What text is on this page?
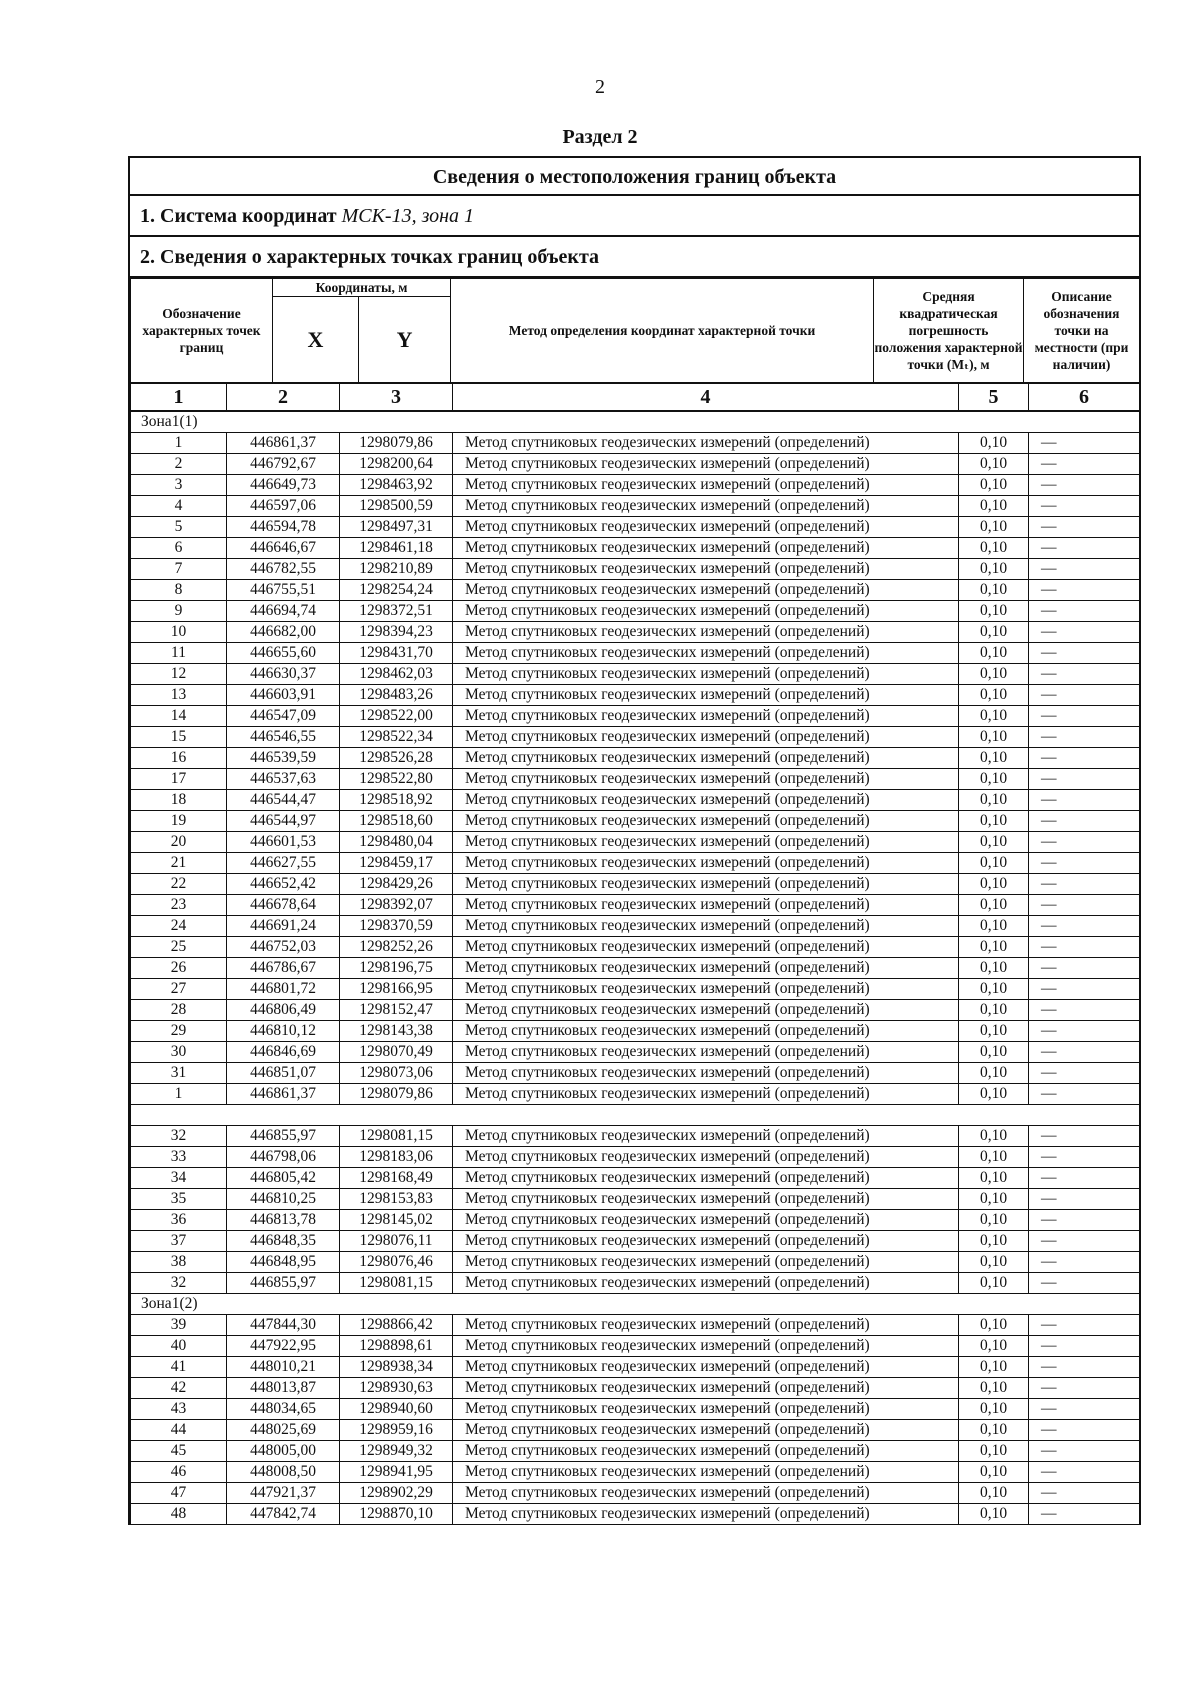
2
Раздел 2
Сведения о местоположения границ объекта
1. Система координат МСК-13, зона 1
2. Сведения о характерных точках границ объекта
Обозначение характерных точек границ	Координаты, м		Метод определения координат характерной точки	Средняя квадратическая погрешность положения характерной точки (Mₜ), м	Описание обозначения точки на местности (при наличии)
	X	Y			
1	2	3	4	5	6
Зона1(1)					
1	446861,37	1298079,86	Метод спутниковых геодезических измерений (определений)	0,10	—
2	446792,67	1298200,64	Метод спутниковых геодезических измерений (определений)	0,10	—
3	446649,73	1298463,92	Метод спутниковых геодезических измерений (определений)	0,10	—
4	446597,06	1298500,59	Метод спутниковых геодезических измерений (определений)	0,10	—
5	446594,78	1298497,31	Метод спутниковых геодезических измерений (определений)	0,10	—
6	446646,67	1298461,18	Метод спутниковых геодезических измерений (определений)	0,10	—
7	446782,55	1298210,89	Метод спутниковых геодезических измерений (определений)	0,10	—
8	446755,51	1298254,24	Метод спутниковых геодезических измерений (определений)	0,10	—
9	446694,74	1298372,51	Метод спутниковых геодезических измерений (определений)	0,10	—
10	446682,00	1298394,23	Метод спутниковых геодезических измерений (определений)	0,10	—
11	446655,60	1298431,70	Метод спутниковых геодезических измерений (определений)	0,10	—
12	446630,37	1298462,03	Метод спутниковых геодезических измерений (определений)	0,10	—
13	446603,91	1298483,26	Метод спутниковых геодезических измерений (определений)	0,10	—
14	446547,09	1298522,00	Метод спутниковых геодезических измерений (определений)	0,10	—
15	446546,55	1298522,34	Метод спутниковых геодезических измерений (определений)	0,10	—
16	446539,59	1298526,28	Метод спутниковых геодезических измерений (определений)	0,10	—
17	446537,63	1298522,80	Метод спутниковых геодезических измерений (определений)	0,10	—
18	446544,47	1298518,92	Метод спутниковых геодезических измерений (определений)	0,10	—
19	446544,97	1298518,60	Метод спутниковых геодезических измерений (определений)	0,10	—
20	446601,53	1298480,04	Метод спутниковых геодезических измерений (определений)	0,10	—
21	446627,55	1298459,17	Метод спутниковых геодезических измерений (определений)	0,10	—
22	446652,42	1298429,26	Метод спутниковых геодезических измерений (определений)	0,10	—
23	446678,64	1298392,07	Метод спутниковых геодезических измерений (определений)	0,10	—
24	446691,24	1298370,59	Метод спутниковых геодезических измерений (определений)	0,10	—
25	446752,03	1298252,26	Метод спутниковых геодезических измерений (определений)	0,10	—
26	446786,67	1298196,75	Метод спутниковых геодезических измерений (определений)	0,10	—
27	446801,72	1298166,95	Метод спутниковых геодезических измерений (определений)	0,10	—
28	446806,49	1298152,47	Метод спутниковых геодезических измерений (определений)	0,10	—
29	446810,12	1298143,38	Метод спутниковых геодезических измерений (определений)	0,10	—
30	446846,69	1298070,49	Метод спутниковых геодезических измерений (определений)	0,10	—
31	446851,07	1298073,06	Метод спутниковых геодезических измерений (определений)	0,10	—
1	446861,37	1298079,86	Метод спутниковых геодезических измерений (определений)	0,10	—

32	446855,97	1298081,15	Метод спутниковых геодезических измерений (определений)	0,10	—
33	446798,06	1298183,06	Метод спутниковых геодезических измерений (определений)	0,10	—
34	446805,42	1298168,49	Метод спутниковых геодезических измерений (определений)	0,10	—
35	446810,25	1298153,83	Метод спутниковых геодезических измерений (определений)	0,10	—
36	446813,78	1298145,02	Метод спутниковых геодезических измерений (определений)	0,10	—
37	446848,35	1298076,11	Метод спутниковых геодезических измерений (определений)	0,10	—
38	446848,95	1298076,46	Метод спутниковых геодезических измерений (определений)	0,10	—
32	446855,97	1298081,15	Метод спутниковых геодезических измерений (определений)	0,10	—
Зона1(2)					
39	447844,30	1298866,42	Метод спутниковых геодезических измерений (определений)	0,10	—
40	447922,95	1298898,61	Метод спутниковых геодезических измерений (определений)	0,10	—
41	448010,21	1298938,34	Метод спутниковых геодезических измерений (определений)	0,10	—
42	448013,87	1298930,63	Метод спутниковых геодезических измерений (определений)	0,10	—
43	448034,65	1298940,60	Метод спутниковых геодезических измерений (определений)	0,10	—
44	448025,69	1298959,16	Метод спутниковых геодезических измерений (определений)	0,10	—
45	448005,00	1298949,32	Метод спутниковых геодезических измерений (определений)	0,10	—
46	448008,50	1298941,95	Метод спутниковых геодезических измерений (определений)	0,10	—
47	447921,37	1298902,29	Метод спутниковых геодезических измерений (определений)	0,10	—
48	447842,74	1298870,10	Метод спутниковых геодезических измерений (определений)	0,10	—
